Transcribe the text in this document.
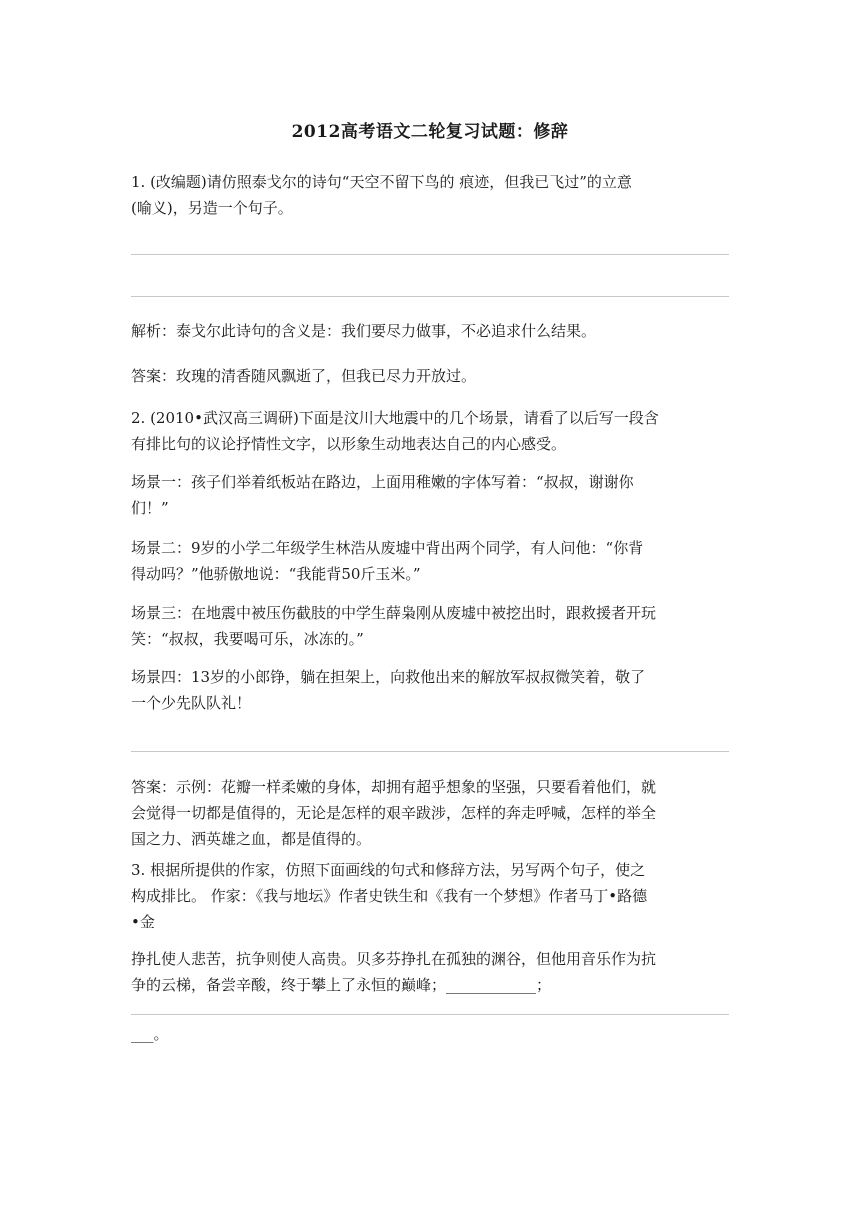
2012高考语文二轮复习试题：修辞
1. (改编题)请仿照泰戈尔的诗句“天空不留下鸟的 痕迹，但我已飞过”的立意
(喻义)，另造一个句子。
解析：泰戈尔此诗句的含义是：我们要尽力做事，不必追求什么结果。
答案：玫瑰的清香随风飘逝了，但我已尽力开放过。
2. (2010•武汉高三调研)下面是汶川大地震中的几个场景，请看了以后写一段含
有排比句的议论抒情性文字，以形象生动地表达自己的内心感受。
场景一：孩子们举着纸板站在路边，上面用稚嫩的字体写着：“叔叔，谢谢你
们！”
场景二：9岁的小学二年级学生林浩从废墟中背出两个同学，有人问他：“你背
得动吗？”他骄傲地说：“我能背50斤玉米。”
场景三：在地震中被压伤截肢的中学生薛枭刚从废墟中被挖出时，跟救援者开玩
笑：“叔叔，我要喝可乐，冰冻的。”
场景四：13岁的小郎铮，躺在担架上，向救他出来的解放军叔叔微笑着，敬了
一个少先队队礼！
答案：示例：花瓣一样柔嫩的身体，却拥有超乎想象的坚强，只要看着他们，就
会觉得一切都是值得的，无论是怎样的艰辛跋涉，怎样的奔走呼喊，怎样的举全
国之力、洒英雄之血，都是值得的。
3. 根据所提供的作家，仿照下面画线的句式和修辞方法，另写两个句子，使之
构成排比。 作家：《我与地坛》作者史铁生和《我有一个梦想》作者马丁•路德
•金
挣扎使人悲苦，抗争则使人高贵。贝多芬挣扎在孤独的渊谷，但他用音乐作为抗
争的云梯，备尝辛酸，终于攀上了永恒的巅峰；____________；
___。
